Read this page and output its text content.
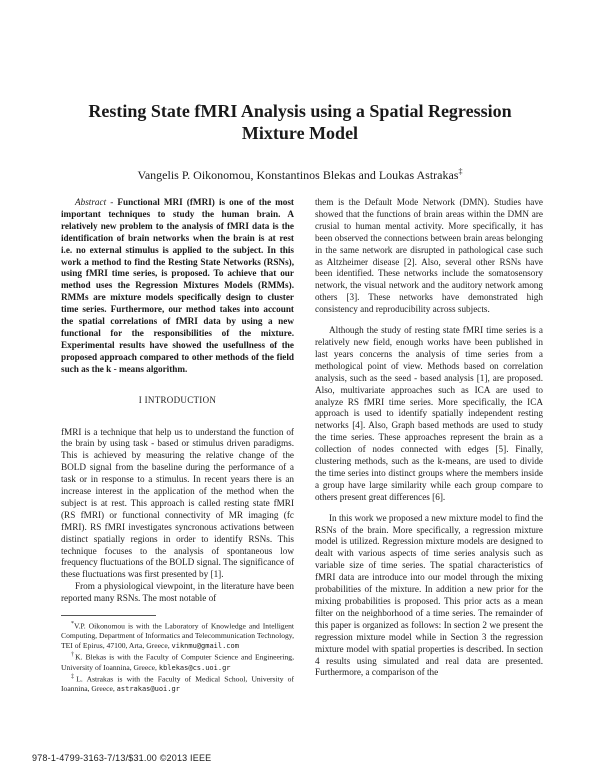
Resting State fMRI Analysis using a Spatial Regression
Mixture Model
Vangelis P. Oikonomou, Konstantinos Blekas and Loukas Astrakas‡

Abstract - Functional MRI (fMRI) is one of the most important techniques to study the human brain. A relatively new problem to the analysis of fMRI data is the identification of brain networks when the brain is at rest i.e. no external stimulus is applied to the subject. In this work a method to find the Resting State Networks (RSNs), using fMRI time series, is proposed. To achieve that our method uses the Regression Mixtures Models (RMMs). RMMs are mixture models specifically design to cluster time series. Furthermore, our method takes into account the spatial correlations of fMRI data by using a new functional for the responsibilities of the mixture. Experimental results have showed the usefullness of the proposed approach compared to other methods of the field such as the k - means algorithm.

I INTRODUCTION

fMRI is a technique that help us to understand the function of the brain by using task - based or stimulus driven paradigms. This is achieved by measuring the relative change of the BOLD signal from the baseline during the performance of a task or in response to a stimulus. In recent years there is an increase interest in the application of the method when the subject is at rest. This approach is called resting state fMRI (RS fMRI) or functional connectivity of MR imaging (fc fMRI). RS fMRI investigates syncronous activations between distinct spatially regions in order to identify RSNs. This technique focuses to the analysis of spontaneous low frequency fluctuations of the BOLD signal. The significance of these fluctuations was first presented by [1].

From a physiological viewpoint, in the literature have been reported many RSNs. The most notable of

*V.P. Oikonomou is with the Laboratory of Knowledge and Intelligent Computing, Department of Informatics and Telecommunication Technology, TEI of Epirus, 47100, Arta, Greece, viknmu@gmail.com

†K. Blekas is with the Faculty of Computer Science and Engineering, University of Ioannina, Greece, kblekas@cs.uoi.gr

‡L. Astrakas is with the Faculty of Medical School, University of Ioannina, Greece, astrakas@uoi.gr

them is the Default Mode Network (DMN). Studies have showed that the functions of brain areas within the DMN are crusial to human mental activity. More specifically, it has been observed the connections between brain areas belonging in the same network are disrupted in pathological case such as Altzheimer disease [2]. Also, several other RSNs have been identified. These networks include the somatosensory network, the visual network and the auditory network among others [3]. These networks have demonstrated high consistency and reproducibility across subjects.

Although the study of resting state fMRI time series is a relatively new field, enough works have been published in last years concerns the analysis of time series from a methological point of view. Methods based on correlation analysis, such as the seed - based analysis [1], are proposed. Also, multivariate approaches such as ICA are used to analyze RS fMRI time series. More specifically, the ICA approach is used to identify spatially independent resting networks [4]. Also, Graph based methods are used to study the time series. These approaches represent the brain as a collection of nodes connected with edges [5]. Finally, clustering methods, such as the k-means, are used to divide the time series into distinct groups where the members inside a group have large similarity while each group compare to others present great differences [6].

In this work we proposed a new mixture model to find the RSNs of the brain. More specifically, a regression mixture model is utilized. Regression mixture models are designed to dealt with various aspects of time series analysis such as variable size of time series. The spatial characteristics of fMRI data are introduce into our model through the mixing probabilities of the mixture. In addition a new prior for the mixing probabilities is proposed. This prior acts as a mean filter on the neighborhood of a time series. The remainder of this paper is organized as follows: In section 2 we present the regression mixture model while in Section 3 the regression mixture model with spatial properties is described. In section 4 results using simulated and real data are presented. Furthermore, a comparison of the

978-1-4799-3163-7/13/$31.00 ©2013 IEEE
